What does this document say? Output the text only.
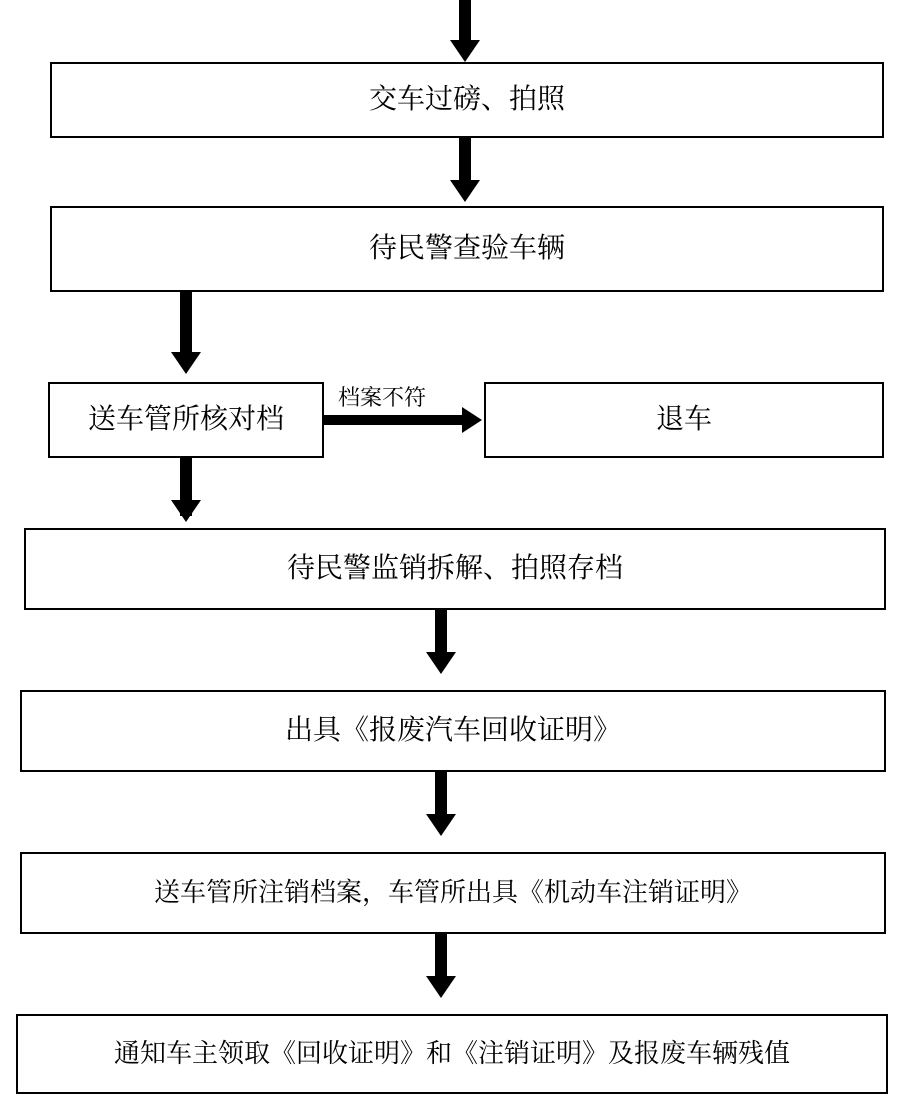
交车过磅、拍照
待民警查验车辆
送车管所核对档
档案不符
退车
待民警监销拆解、拍照存档
出具《报废汽车回收证明》
送车管所注销档案，车管所出具《机动车注销证明》
通知车主领取《回收证明》和《注销证明》及报废车辆残值
